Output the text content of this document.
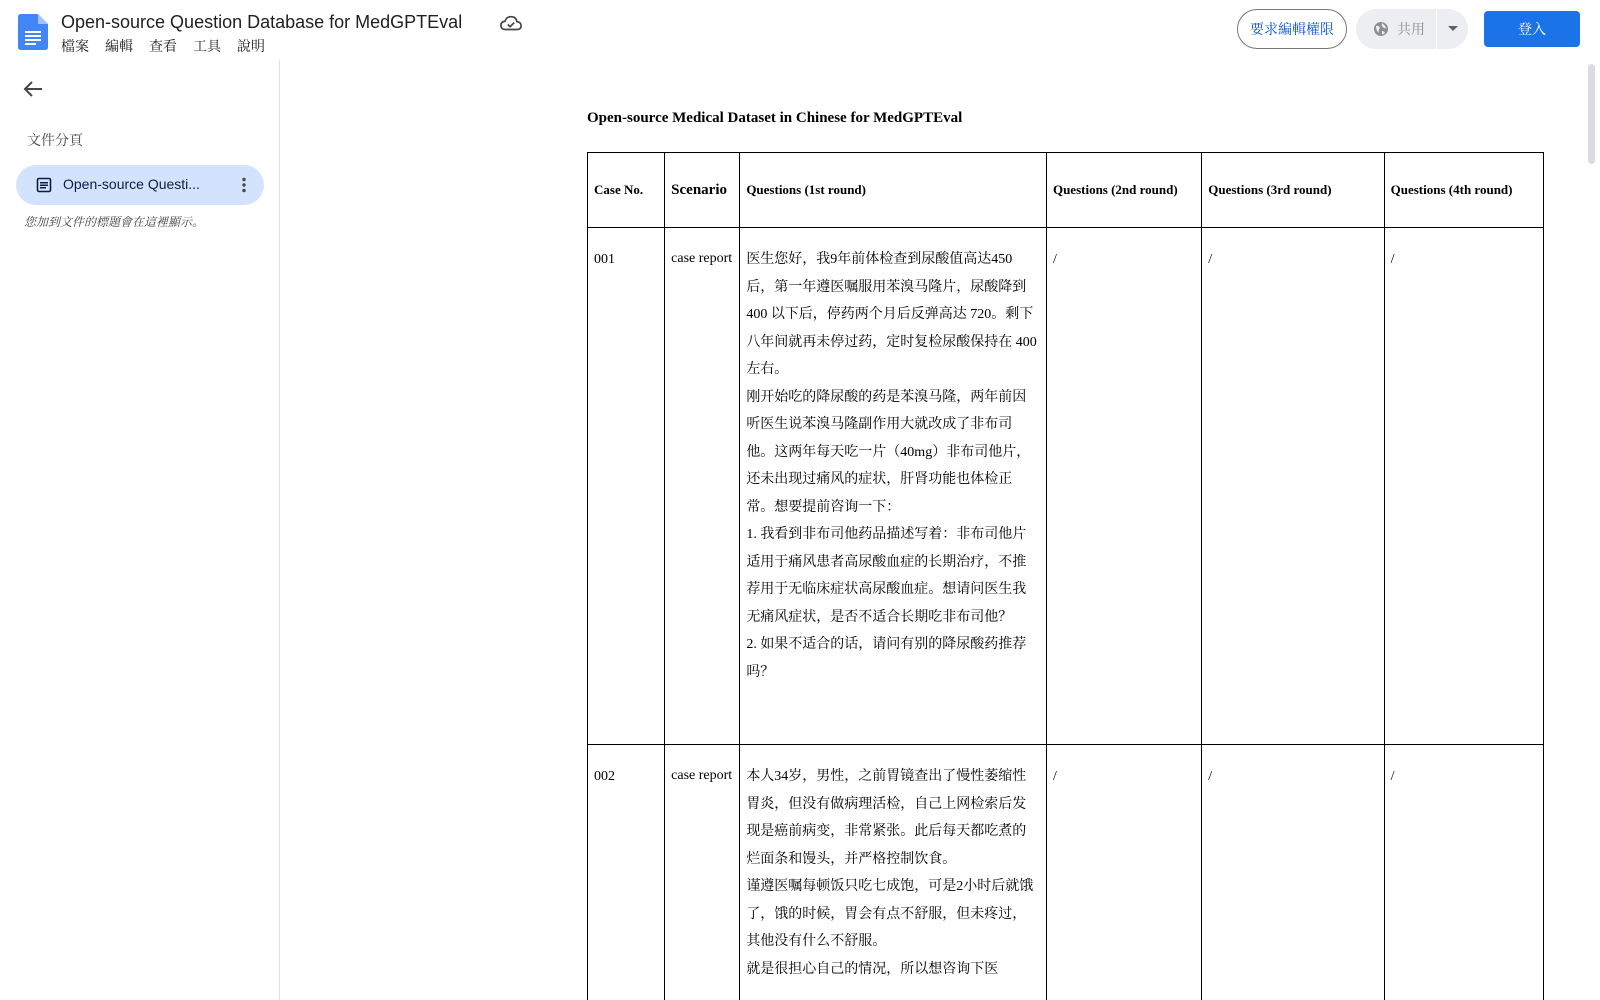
Open-source Question Database for MedGPTEval
檔案 編輯 查看 工具 說明
要求編輯權限	共用	登入
文件分頁
Open-source Questi...
您加到文件的標題會在這裡顯示。
Open-source Medical Dataset in Chinese for MedGPTEval
Case No.	Scenario	Questions (1st round)	Questions (2nd round)	Questions (3rd round)	Questions (4th round)
001	case report	医生您好，我9年前体检查到尿酸值高达450后，第一年遵医嘱服用苯溴马隆片，尿酸降到 400 以下后，停药两个月后反弹高达 720。剩下八年间就再未停过药，定时复检尿酸保持在 400 左右。
刚开始吃的降尿酸的药是苯溴马隆，两年前因听医生说苯溴马隆副作用大就改成了非布司他。这两年每天吃一片（40mg）非布司他片，还未出现过痛风的症状，肝肾功能也体检正常。想要提前咨询一下：
1. 我看到非布司他药品描述写着：非布司他片适用于痛风患者高尿酸血症的长期治疗，不推荐用于无临床症状高尿酸血症。想请问医生我无痛风症状，是否不适合长期吃非布司他？
2. 如果不适合的话，请问有别的降尿酸药推荐吗？	/	/	/
002	case report	本人34岁，男性，之前胃镜查出了慢性萎缩性胃炎，但没有做病理活检，自己上网检索后发现是癌前病变，非常紧张。此后每天都吃煮的烂面条和馒头，并严格控制饮食。
谨遵医嘱每顿饭只吃七成饱，可是2小时后就饿了，饿的时候，胃会有点不舒服，但未疼过，其他没有什么不舒服。
就是很担心自己的情况，所以想咨询下医	/	/	/
